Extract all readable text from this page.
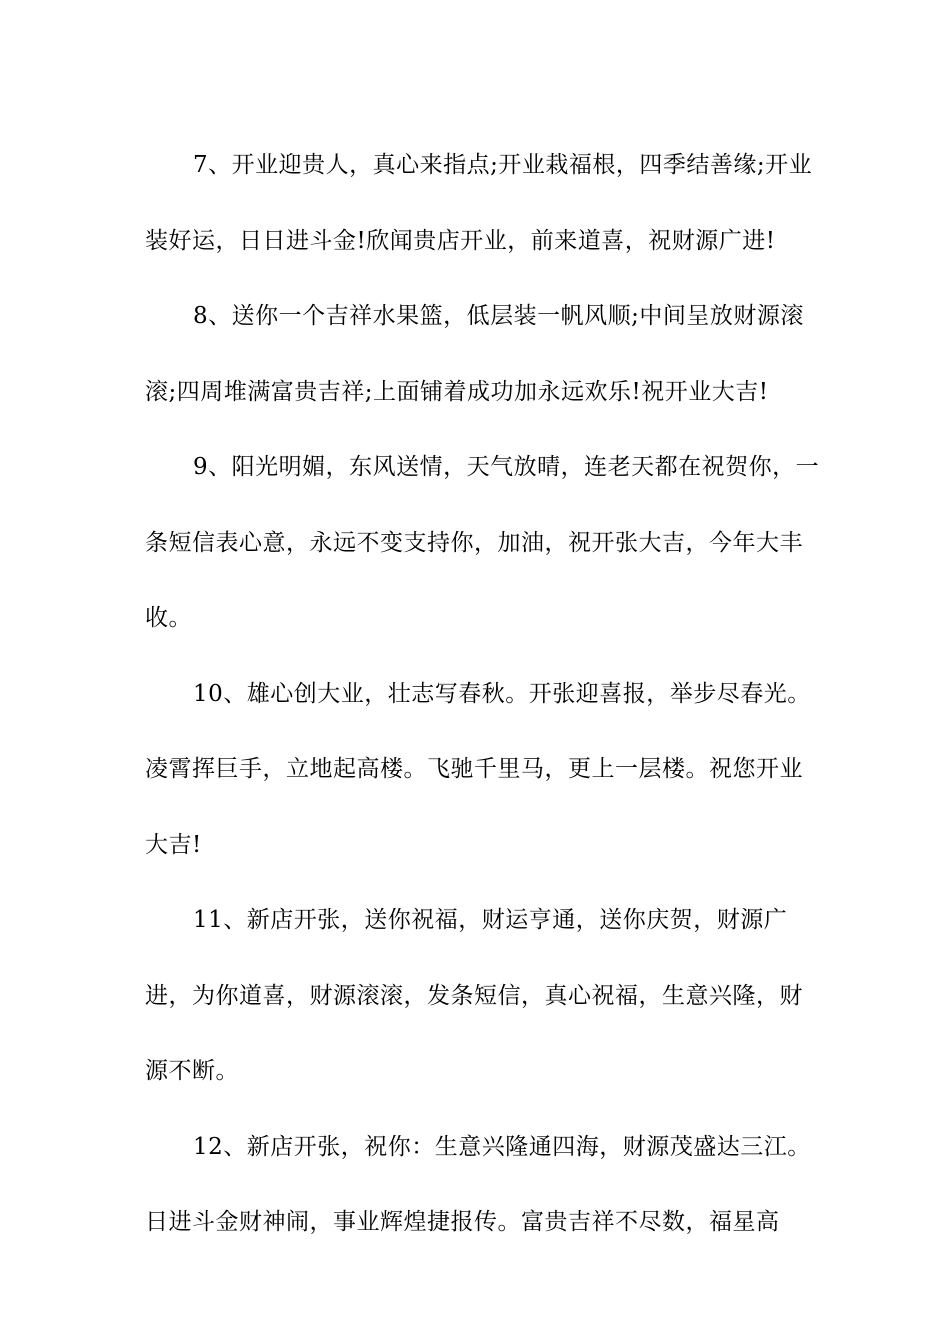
7、开业迎贵人，真心来指点;开业栽福根，四季结善缘;开业装好运，日日进斗金!欣闻贵店开业，前来道喜，祝财源广进!

8、送你一个吉祥水果篮，低层装一帆风顺;中间呈放财源滚滚;四周堆满富贵吉祥;上面铺着成功加永远欢乐!祝开业大吉!

9、阳光明媚，东风送情，天气放晴，连老天都在祝贺你，一条短信表心意，永远不变支持你，加油，祝开张大吉，今年大丰收。

10、雄心创大业，壮志写春秋。开张迎喜报，举步尽春光。凌霄挥巨手，立地起高楼。飞驰千里马，更上一层楼。祝您开业大吉!

11、新店开张，送你祝福，财运亨通，送你庆贺，财源广进，为你道喜，财源滚滚，发条短信，真心祝福，生意兴隆，财源不断。

12、新店开张，祝你：生意兴隆通四海，财源茂盛达三江。日进斗金财神闹，事业辉煌捷报传。富贵吉祥不尽数，福星高
